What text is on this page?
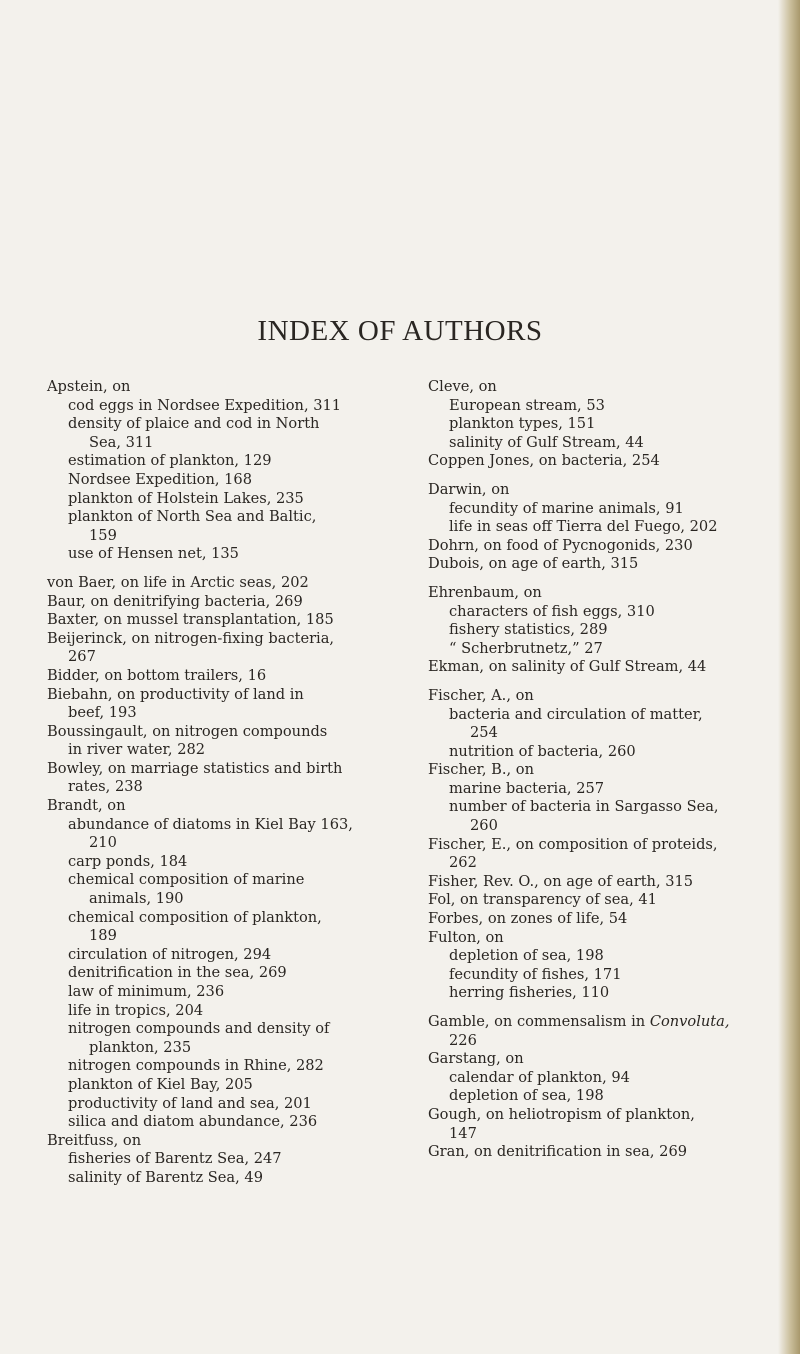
INDEX OF AUTHORS

Apstein, on

cod eggs in Nordsee Expedition, 311

density of plaice and cod in North
Sea, 311

estimation of plankton, 129

Nordsee Expedition, 168

plankton of Holstein Lakes, 235

plankton of North Sea and Baltic,
159

use of Hensen net, 135

von Baer, on life in Arctic seas, 202

Baur, on denitrifying bacteria, 269

Baxter, on mussel transplantation, 185

Beijerinck, on nitrogen-fixing bacteria,
267

Bidder, on bottom trailers, 16

Biebahn, on productivity of land in
beef, 193

Boussingault, on nitrogen compounds
in river water, 282

Bowley, on marriage statistics and birth
rates, 238

Brandt, on

abundance of diatoms in Kiel Bay 163,
210

carp ponds, 184

chemical composition of marine
animals, 190

chemical composition of plankton,
189

circulation of nitrogen, 294

denitrification in the sea, 269

law of minimum, 236

life in tropics, 204

nitrogen compounds and density of
plankton, 235

nitrogen compounds in Rhine, 282

plankton of Kiel Bay, 205

productivity of land and sea, 201

silica and diatom abundance, 236

Breitfuss, on

fisheries of Barentz Sea, 247

salinity of Barentz Sea, 49

Cleve, on

European stream, 53

plankton types, 151

salinity of Gulf Stream, 44

Coppen Jones, on bacteria, 254

Darwin, on

fecundity of marine animals, 91

life in seas off Tierra del Fuego, 202

Dohrn, on food of Pycnogonids, 230

Dubois, on age of earth, 315

Ehrenbaum, on

characters of fish eggs, 310

fishery statistics, 289

“ Scherbrutnetz,” 27

Ekman, on salinity of Gulf Stream, 44

Fischer, A., on

bacteria and circulation of matter,
254

nutrition of bacteria, 260

Fischer, B., on

marine bacteria, 257

number of bacteria in Sargasso Sea,
260

Fischer, E., on composition of proteids,
262

Fisher, Rev. O., on age of earth, 315

Fol, on transparency of sea, 41

Forbes, on zones of life, 54

Fulton, on

depletion of sea, 198

fecundity of fishes, 171

herring fisheries, 110

Gamble, on commensalism in Convoluta,
226

Garstang, on

calendar of plankton, 94

depletion of sea, 198

Gough, on heliotropism of plankton,
147

Gran, on denitrification in sea, 269
